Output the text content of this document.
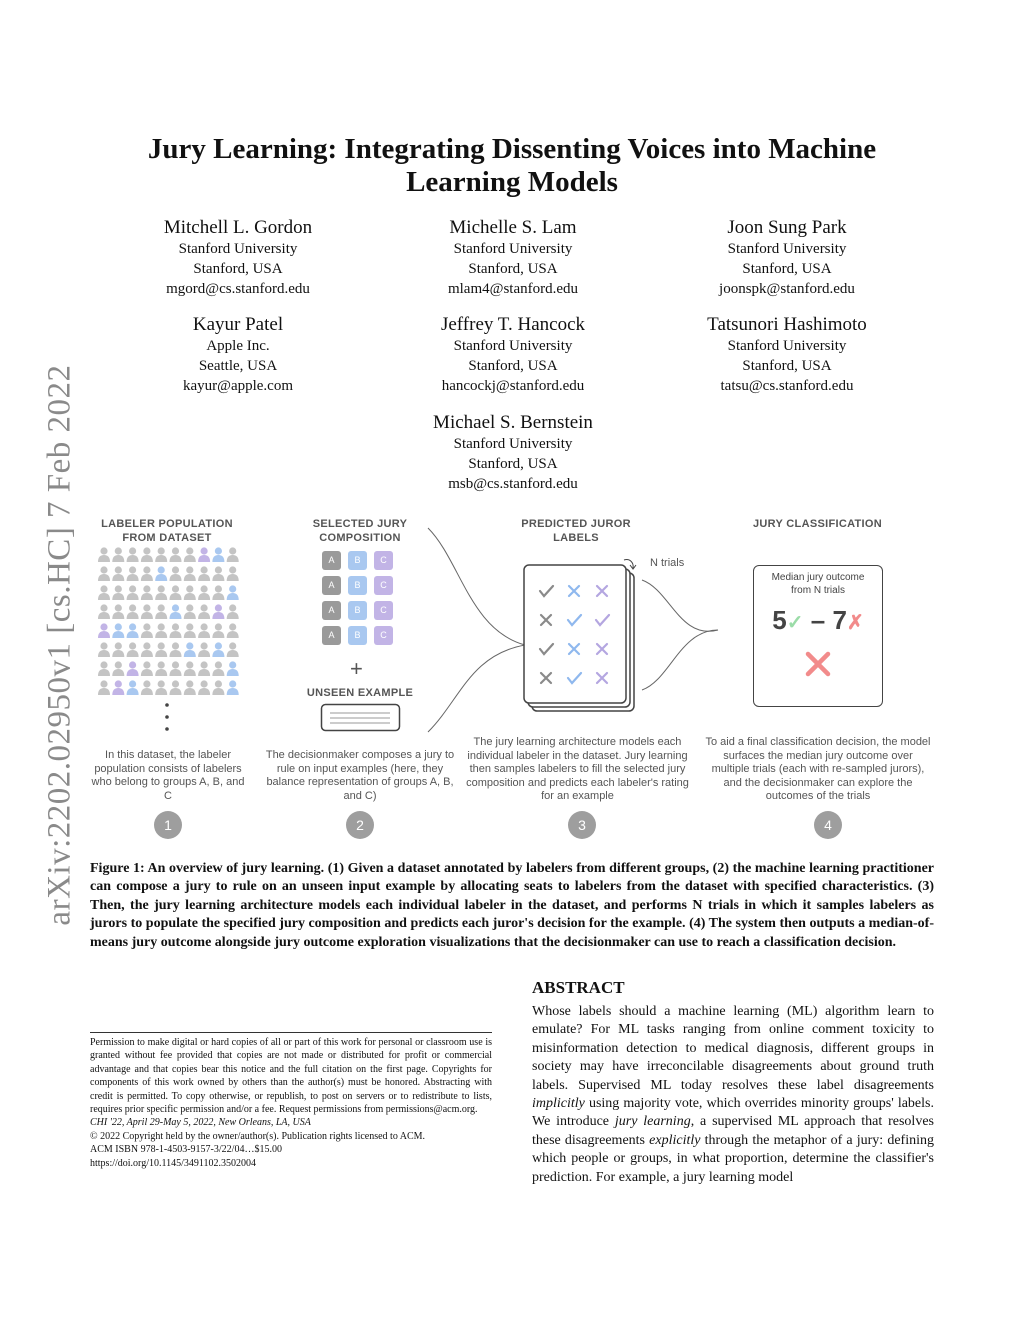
arXiv:2202.02950v1 [cs.HC] 7 Feb 2022
Jury Learning: Integrating Dissenting Voices into Machine Learning Models
Mitchell L. Gordon
Stanford University
Stanford, USA
mgord@cs.stanford.edu
Michelle S. Lam
Stanford University
Stanford, USA
mlam4@stanford.edu
Joon Sung Park
Stanford University
Stanford, USA
joonspk@stanford.edu
Kayur Patel
Apple Inc.
Seattle, USA
kayur@apple.com
Jeffrey T. Hancock
Stanford University
Stanford, USA
hancockj@stanford.edu
Tatsunori Hashimoto
Stanford University
Stanford, USA
tatsu@cs.stanford.edu
Michael S. Bernstein
Stanford University
Stanford, USA
msb@cs.stanford.edu
LABELER POPULATION FROM DATASET
SELECTED JURY COMPOSITION
PREDICTED JUROR LABELS
JURY CLASSIFICATION
A	B	C
A	B	C
A	B	C
A	B	C
+
UNSEEN EXAMPLE
N trials
Median jury outcome from N trials
5✓ – 7✗
In this dataset, the labeler population consists of labelers who belong to groups A, B, and C
The decisionmaker composes a jury to rule on input examples (here, they balance representation of groups A, B, and C)
The jury learning architecture models each individual labeler in the dataset. Jury learning then samples labelers to fill the selected jury composition and predicts each labeler's rating for an example
To aid a final classification decision, the model surfaces the median jury outcome over multiple trials (each with re-sampled jurors), and the decisionmaker can explore the outcomes of the trials
1	2	3	4
Figure 1: An overview of jury learning. (1) Given a dataset annotated by labelers from different groups, (2) the machine learning practitioner can compose a jury to rule on an unseen input example by allocating seats to labelers from the dataset with specified characteristics. (3) Then, the jury learning architecture models each individual labeler in the dataset, and performs N trials in which it samples labelers as jurors to populate the specified jury composition and predicts each juror's decision for the example. (4) The system then outputs a median-of-means jury outcome alongside jury outcome exploration visualizations that the decisionmaker can use to reach a classification decision.
ABSTRACT
Whose labels should a machine learning (ML) algorithm learn to emulate? For ML tasks ranging from online comment toxicity to misinformation detection to medical diagnosis, different groups in society may have irreconcilable disagreements about ground truth labels. Supervised ML today resolves these label disagreements implicitly using majority vote, which overrides minority groups' labels. We introduce jury learning, a supervised ML approach that resolves these disagreements explicitly through the metaphor of a jury: defining which people or groups, in what proportion, determine the classifier's prediction. For example, a jury learning model
Permission to make digital or hard copies of all or part of this work for personal or classroom use is granted without fee provided that copies are not made or distributed for profit or commercial advantage and that copies bear this notice and the full citation on the first page. Copyrights for components of this work owned by others than the author(s) must be honored. Abstracting with credit is permitted. To copy otherwise, or republish, to post on servers or to redistribute to lists, requires prior specific permission and/or a fee. Request permissions from permissions@acm.org.
CHI '22, April 29-May 5, 2022, New Orleans, LA, USA
© 2022 Copyright held by the owner/author(s). Publication rights licensed to ACM.
ACM ISBN 978-1-4503-9157-3/22/04…$15.00
https://doi.org/10.1145/3491102.3502004
